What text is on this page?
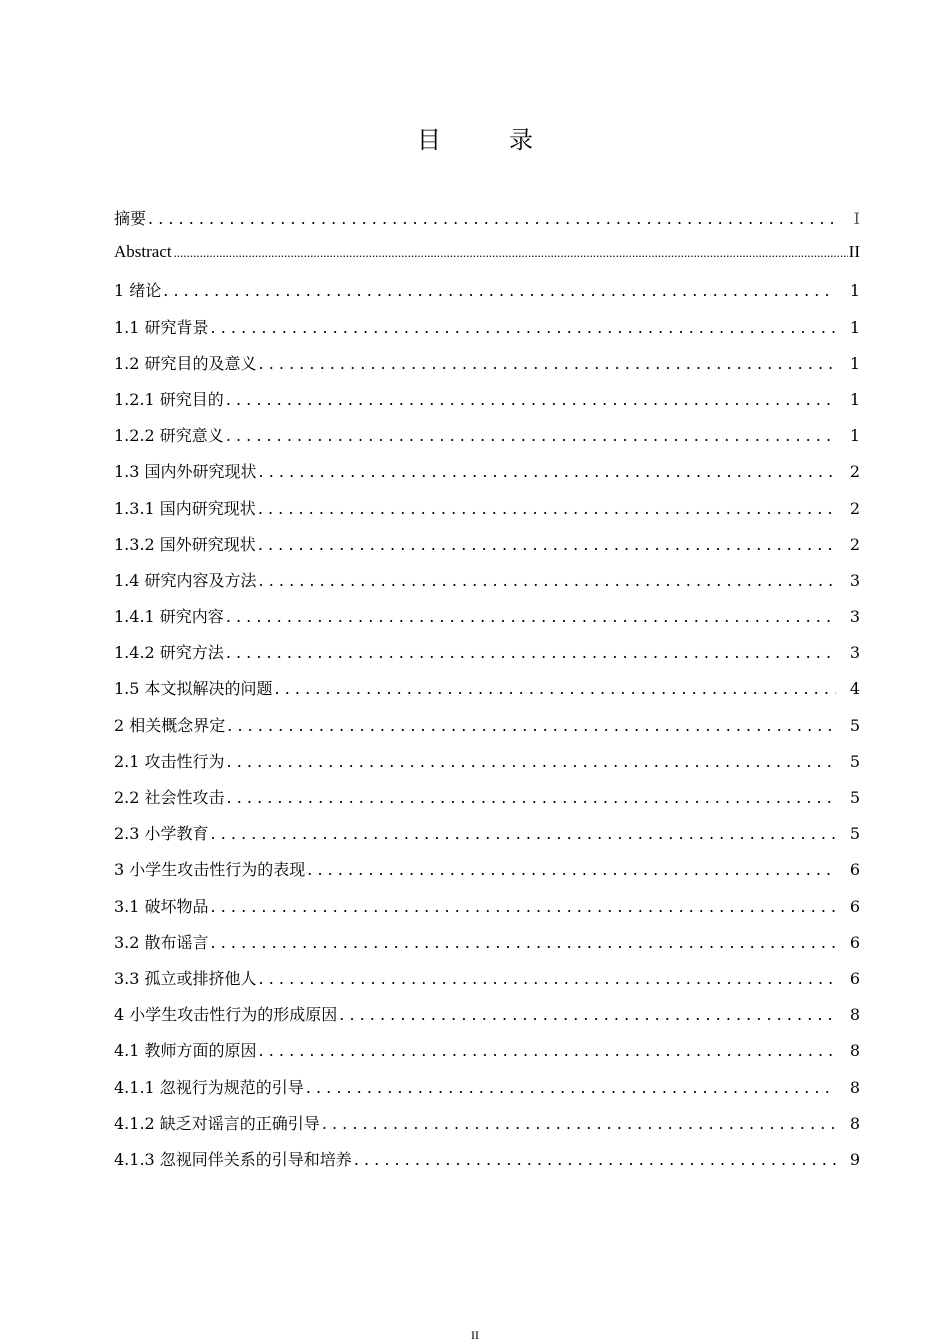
目　录
摘要 . . .	Ⅰ
Abstract .....	II
1 绪论 . . .	1
1.1 研究背景 . . .	1
1.2 研究目的及意义 . . .	1
1.2.1 研究目的 . . .	1
1.2.2 研究意义 . . .	1
1.3 国内外研究现状 . . .	2
1.3.1 国内研究现状 . . .	2
1.3.2 国外研究现状 . . .	2
1.4 研究内容及方法 . . .	3
1.4.1 研究内容 . . .	3
1.4.2 研究方法 . . .	3
1.5 本文拟解决的问题 . . .	4
2 相关概念界定 . . .	5
2.1 攻击性行为 . . .	5
2.2 社会性攻击 . . .	5
2.3 小学教育 . . .	5
3 小学生攻击性行为的表现 . . .	6
3.1 破坏物品 . . .	6
3.2 散布谣言 . . .	6
3.3 孤立或排挤他人 . . .	6
4 小学生攻击性行为的形成原因 . . .	8
4.1 教师方面的原因 . . .	8
4.1.1 忽视行为规范的引导 . . .	8
4.1.2 缺乏对谣言的正确引导 . . .	8
4.1.3 忽视同伴关系的引导和培养 . . .	9
II
